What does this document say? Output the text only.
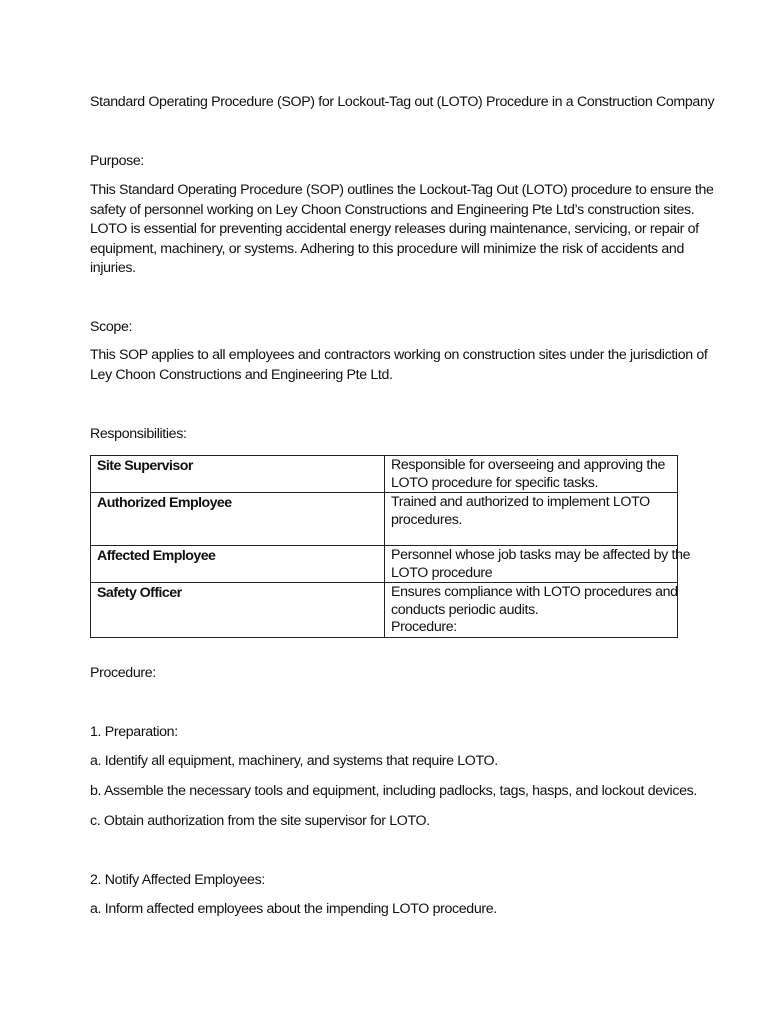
Standard Operating Procedure (SOP) for Lockout-Tag out (LOTO) Procedure in a Construction Company

Purpose:

This Standard Operating Procedure (SOP) outlines the Lockout-Tag Out (LOTO) procedure to ensure the
safety of personnel working on Ley Choon Constructions and Engineering Pte Ltd’s construction sites.
LOTO is essential for preventing accidental energy releases during maintenance, servicing, or repair of
equipment, machinery, or systems. Adhering to this procedure will minimize the risk of accidents and
injuries.

Scope:

This SOP applies to all employees and contractors working on construction sites under the jurisdiction of
Ley Choon Constructions and Engineering Pte Ltd.

Responsibilities:

Site Supervisor	Responsible for overseeing and approving the
LOTO procedure for specific tasks.

Authorized Employee	Trained and authorized to implement LOTO
procedures.

Affected Employee	Personnel whose job tasks may be affected by the
LOTO procedure

Safety Officer	Ensures compliance with LOTO procedures and
conducts periodic audits.
Procedure:

Procedure:

1. Preparation:

a. Identify all equipment, machinery, and systems that require LOTO.

b. Assemble the necessary tools and equipment, including padlocks, tags, hasps, and lockout devices.

c. Obtain authorization from the site supervisor for LOTO.

2. Notify Affected Employees:

a. Inform affected employees about the impending LOTO procedure.
